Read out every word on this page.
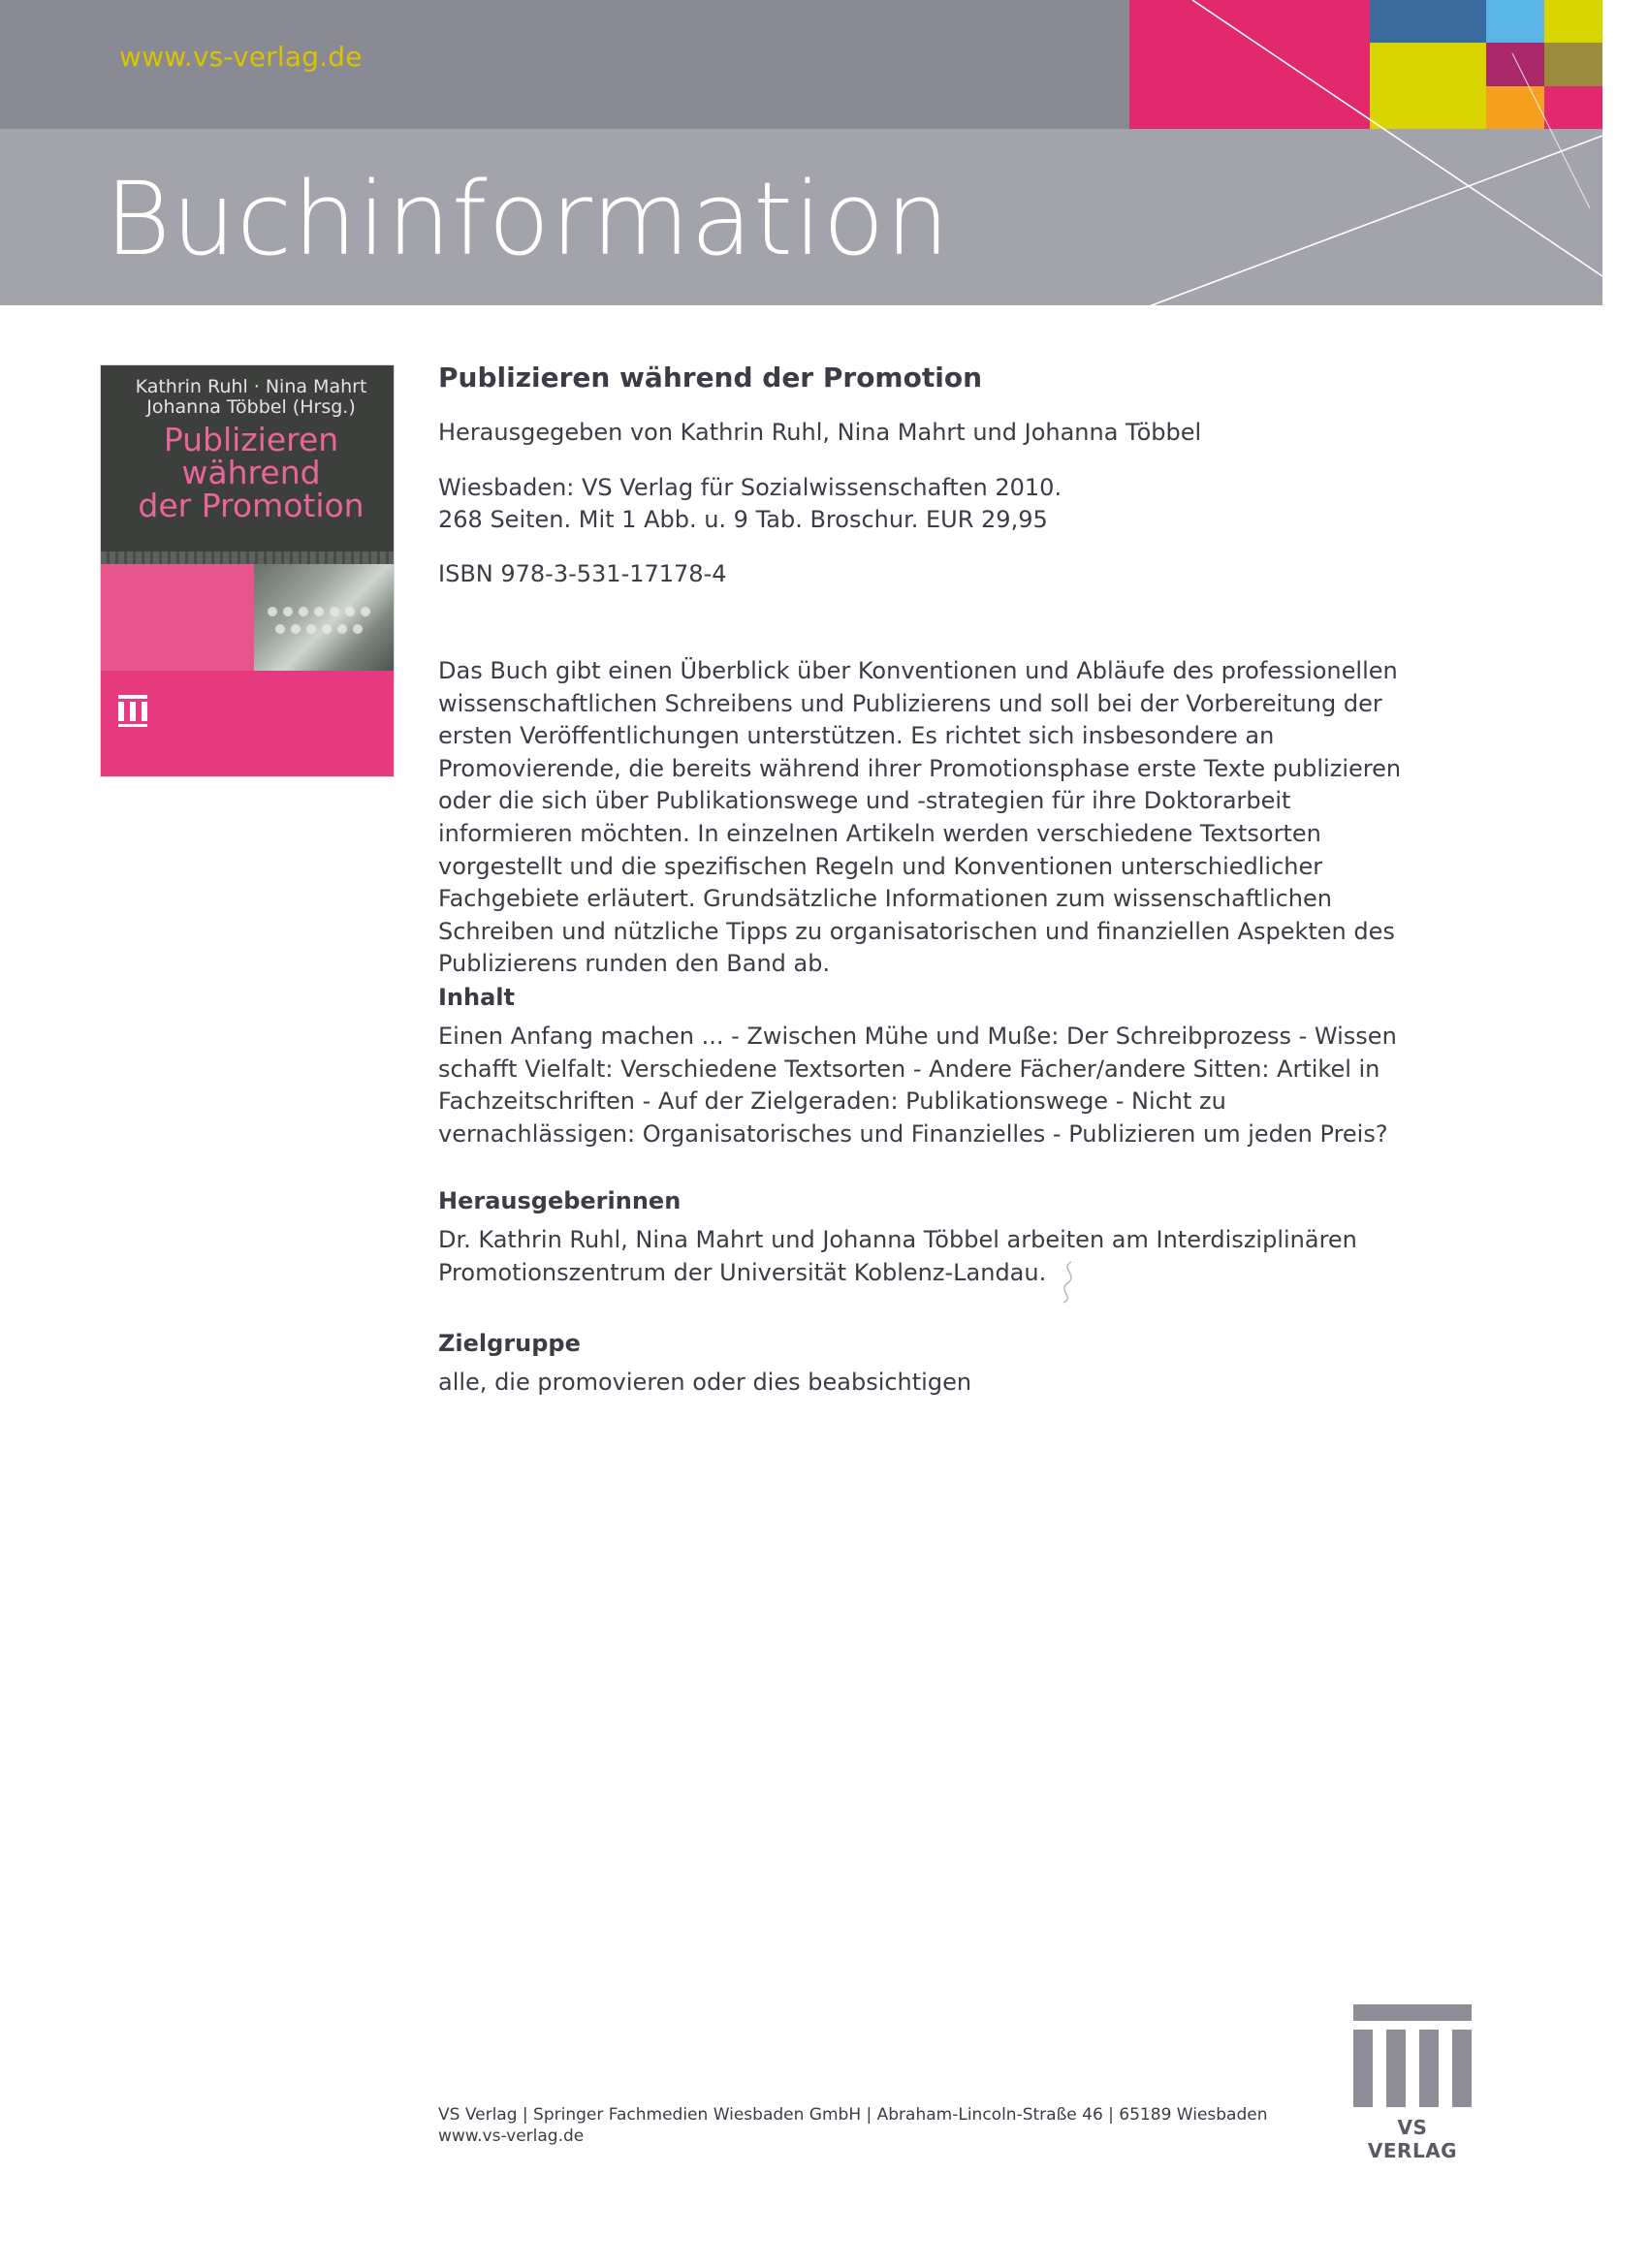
www.vs-verlag.de
Buchinformation
Kathrin Ruhl · Nina Mahrt
Johanna Többel (Hrsg.)
Publizieren
während
der Promotion
Publizieren während der Promotion
Herausgegeben von Kathrin Ruhl, Nina Mahrt und Johanna Többel
Wiesbaden: VS Verlag für Sozialwissenschaften 2010.
268 Seiten. Mit 1 Abb. u. 9 Tab. Broschur. EUR 29,95
ISBN 978-3-531-17178-4
Das Buch gibt einen Überblick über Konventionen und Abläufe des professionellen wissenschaftlichen Schreibens und Publizierens und soll bei der Vorbereitung der ersten Veröffentlichungen unterstützen. Es richtet sich insbesondere an Promovierende, die bereits während ihrer Promotionsphase erste Texte publizieren oder die sich über Publikationswege und -strategien für ihre Doktorarbeit informieren möchten. In einzelnen Artikeln werden verschiedene Textsorten vorgestellt und die spezifischen Regeln und Konventionen unterschiedlicher Fachgebiete erläutert. Grundsätzliche Informationen zum wissenschaftlichen Schreiben und nützliche Tipps zu organisatorischen und finanziellen Aspekten des Publizierens runden den Band ab.
Inhalt
Einen Anfang machen ... - Zwischen Mühe und Muße: Der Schreibprozess - Wissen schafft Vielfalt: Verschiedene Textsorten - Andere Fächer/andere Sitten: Artikel in Fachzeitschriften - Auf der Zielgeraden: Publikationswege - Nicht zu vernachlässigen: Organisatorisches und Finanzielles - Publizieren um jeden Preis?
Herausgeberinnen
Dr. Kathrin Ruhl, Nina Mahrt und Johanna Többel arbeiten am Interdisziplinären Promotionszentrum der Universität Koblenz-Landau.
Zielgruppe
alle, die promovieren oder dies beabsichtigen
VS Verlag | Springer Fachmedien Wiesbaden GmbH | Abraham-Lincoln-Straße 46 | 65189 Wiesbaden
www.vs-verlag.de	VS VERLAG
